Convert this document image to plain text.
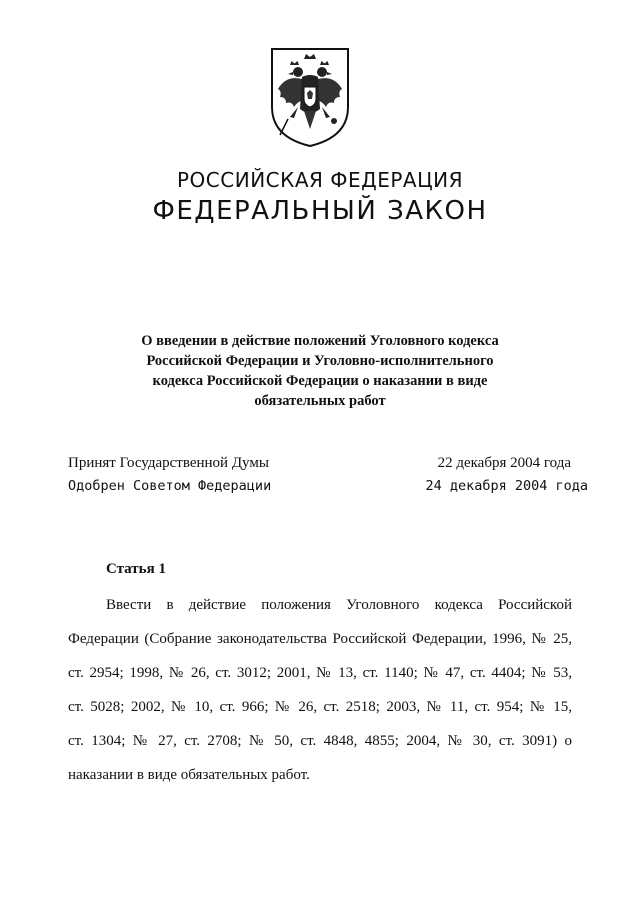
РОССИЙСКАЯ ФЕДЕРАЦИЯ
ФЕДЕРАЛЬНЫЙ ЗАКОН
О введении в действие положений Уголовного кодекса
Российской Федерации и Уголовно-исполнительного
кодекса Российской Федерации о наказании в виде
обязательных работ
Принят Государственной Думы	22 декабря 2004 года
Одобрен Советом Федерации	24 декабря 2004 года
Статья 1
Ввести в действие положения Уголовного кодекса Российской
Федерации (Собрание законодательства Российской Федерации, 1996, № 25,
ст. 2954; 1998, № 26, ст. 3012; 2001, № 13, ст. 1140; № 47, ст. 4404; № 53,
ст. 5028; 2002, № 10, ст. 966; № 26, ст. 2518; 2003, № 11, ст. 954; № 15,
ст. 1304; № 27, ст. 2708; № 50, ст. 4848, 4855; 2004, № 30, ст. 3091) о
наказании в виде обязательных работ.
